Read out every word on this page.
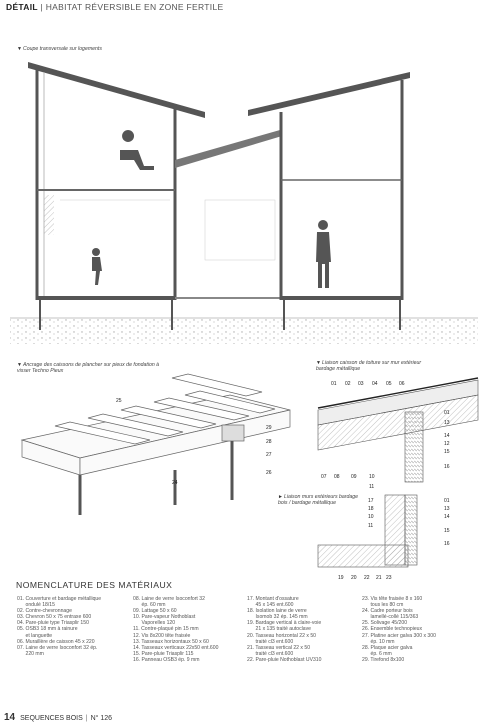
DÉTAIL | HABITAT RÉVERSIBLE EN ZONE FERTILE
▼Coupe transversale sur logements
▼Ancrage des caissons de plancher sur pieux de fondation à visser Techno Pieux
▼Liaison caisson de toiture sur mur extérieur bardage métallique
►Liaison murs extérieurs bardage bois / bardage métallique
25
29
28
27
26
24
01 02 03 04 05 06
01
13
14
12
15
16
07 08 09 10
11
17	01
18	13
10	14
11
15
16
19 20 22 21 23
NOMENCLATURE DES MATÉRIAUX
01. Couverture et bardage métallique
ondulé 18/15
02. Contre-chevronnage
03. Chevron 50 x 75 entraxe 600
04. Pare-pluie type Triasplir 150
05. OSB3 18 mm à rainure
et languette
06. Muraillère de caisson 45 x 220
07. Laine de verre Isoconfort 32 ép.
220 mm
08. Laine de verre Isoconfort 32
ép. 60 mm
09. Lattage 50 x 60
10. Pare-vapeur Nothoblast
Vaporelles 120
11. Contre-plaqué pin 15 mm
12. Vis 8x200 tête fraisée
13. Tasseaux horizontaux 50 x 60
14. Tasseaux verticaux 22x50 ent.600
15. Pare-pluie Triasplir 115
16. Panneau OSB3 ép. 9 mm
17. Montant d'ossature
45 x 145 ent.600
18. Isolation laine de verre
Isomob 32 ép. 145 mm
19. Bardage vertical à claire-voie
21 x 135 traité autoclave
20. Tasseau horizontal 22 x 50
traité cl3 ent.600
21. Tasseau vertical 22 x 50
traité cl3 ent.600
22. Pare-pluie Nothoblast UV310
23. Vis tête fraisée 8 x 160
tous les 80 cm
24. Cadre porteur bois
lamellé-collé 115/363
25. Solivage 45/200
26. Ensemble technopieux
27. Platine acier galva 300 x 300
ép. 10 mm
28. Plaque acier galva
ép. 6 mm
29. Tirefond 8x100
14 SEQUENCES BOIS | N° 126
